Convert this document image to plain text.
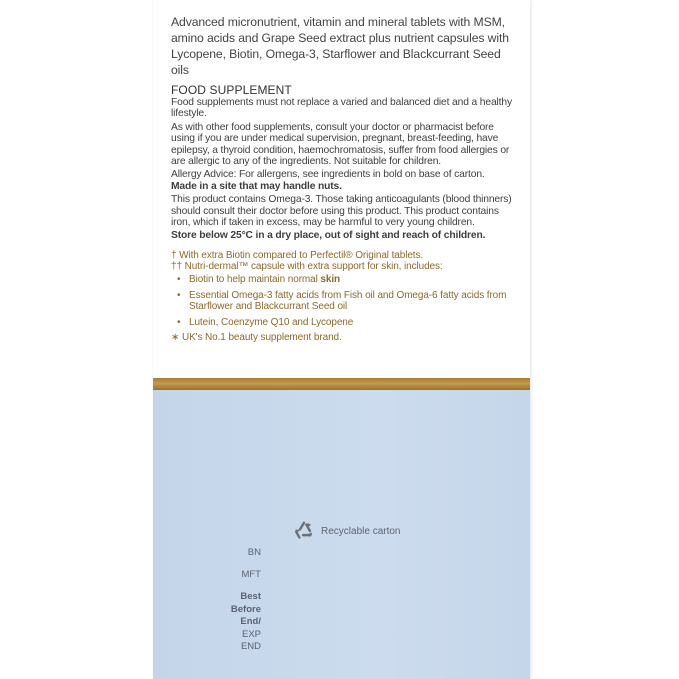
Advanced micronutrient, vitamin and mineral tablets with MSM, amino acids and Grape Seed extract plus nutrient capsules with Lycopene, Biotin, Omega-3, Starflower and Blackcurrant Seed oils

FOOD SUPPLEMENT

Food supplements must not replace a varied and balanced diet and a healthy lifestyle.

As with other food supplements, consult your doctor or pharmacist before using if you are under medical supervision, pregnant, breast-feeding, have epilepsy, a thyroid condition, haemochromatosis, suffer from food allergies or are allergic to any of the ingredients. Not suitable for children.

Allergy Advice: For allergens, see ingredients in bold on base of carton.
Made in a site that may handle nuts.

This product contains Omega-3. Those taking anticoagulants (blood thinners) should consult their doctor before using this product. This product contains iron, which if taken in excess, may be harmful to very young children.

Store below 25°C in a dry place, out of sight and reach of children.

† With extra Biotin compared to Perfectil® Original tablets.

†† Nutri-dermal™ capsule with extra support for skin, includes:

• Biotin to help maintain normal skin
• Essential Omega-3 fatty acids from Fish oil and Omega-6 fatty acids from Starflower and Blackcurrant Seed oil
• Lutein, Coenzyme Q10 and Lycopene

∗ UK's No.1 beauty supplement brand.

Recyclable carton
BN
MFT
Best
Before
End/
EXP END
